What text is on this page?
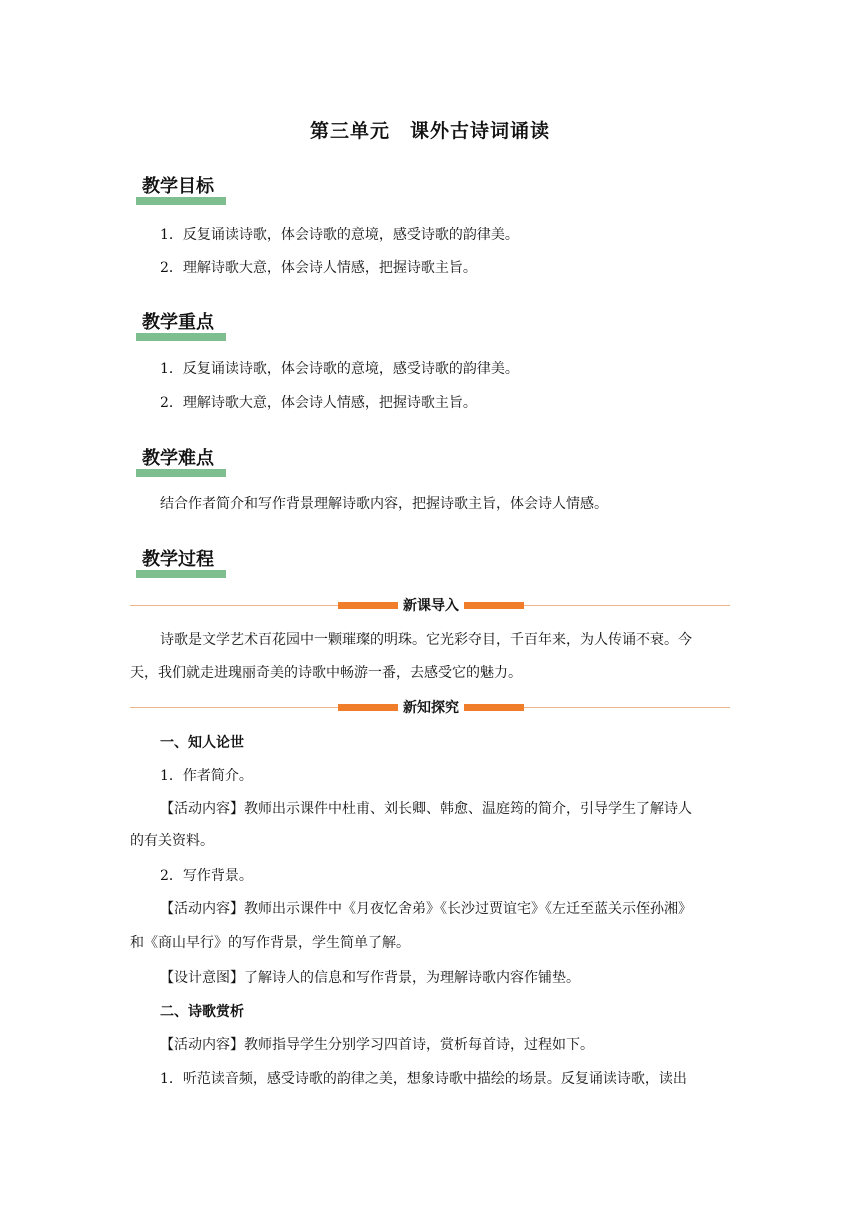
第三单元　课外古诗词诵读
教学目标
1．反复诵读诗歌，体会诗歌的意境，感受诗歌的韵律美。
2．理解诗歌大意，体会诗人情感，把握诗歌主旨。
教学重点
1．反复诵读诗歌，体会诗歌的意境，感受诗歌的韵律美。
2．理解诗歌大意，体会诗人情感，把握诗歌主旨。
教学难点
结合作者简介和写作背景理解诗歌内容，把握诗歌主旨，体会诗人情感。
教学过程
新课导入
诗歌是文学艺术百花园中一颗璀璨的明珠。它光彩夺目，千百年来，为人传诵不衰。今
天，我们就走进瑰丽奇美的诗歌中畅游一番，去感受它的魅力。
新知探究
一、知人论世
1．作者简介。
【活动内容】教师出示课件中杜甫、刘长卿、韩愈、温庭筠的简介，引导学生了解诗人
的有关资料。
2．写作背景。
【活动内容】教师出示课件中《月夜忆舍弟》《长沙过贾谊宅》《左迁至蓝关示侄孙湘》
和《商山早行》的写作背景，学生简单了解。
【设计意图】了解诗人的信息和写作背景，为理解诗歌内容作铺垫。
二、诗歌赏析
【活动内容】教师指导学生分别学习四首诗，赏析每首诗，过程如下。
1．听范读音频，感受诗歌的韵律之美，想象诗歌中描绘的场景。反复诵读诗歌，读出
